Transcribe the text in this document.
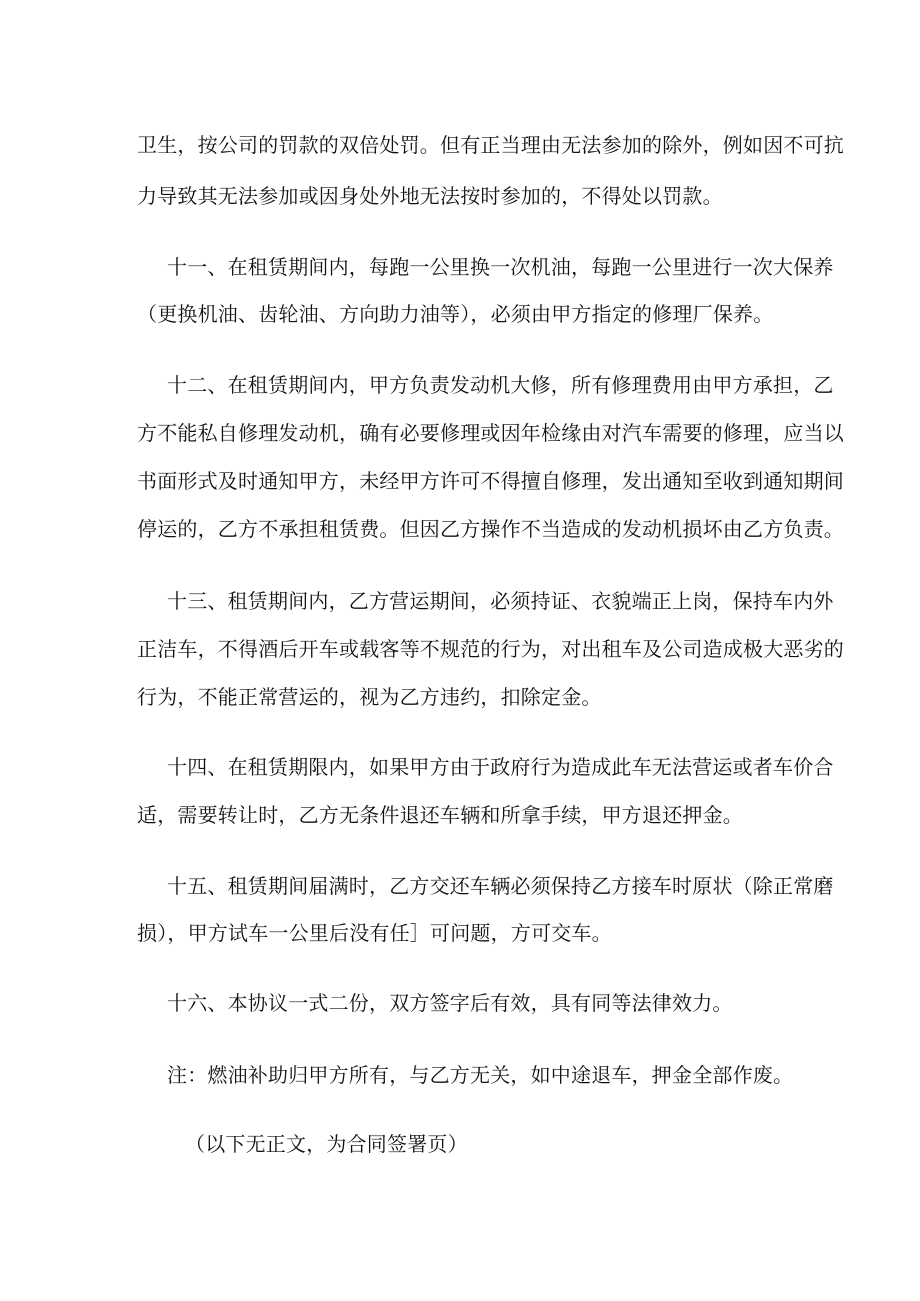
卫生，按公司的罚款的双倍处罚。但有正当理由无法参加的除外，例如因不可抗
力导致其无法参加或因身处外地无法按时参加的，不得处以罚款。
十一、在租赁期间内，每跑一公里换一次机油，每跑一公里进行一次大保养
（更换机油、齿轮油、方向助力油等），必须由甲方指定的修理厂保养。
十二、在租赁期间内，甲方负责发动机大修，所有修理费用由甲方承担，乙
方不能私自修理发动机，确有必要修理或因年检缘由对汽车需要的修理，应当以
书面形式及时通知甲方，未经甲方许可不得擅自修理，发出通知至收到通知期间
停运的，乙方不承担租赁费。但因乙方操作不当造成的发动机损坏由乙方负责。
十三、租赁期间内，乙方营运期间，必须持证、衣貌端正上岗，保持车内外
正洁车，不得酒后开车或载客等不规范的行为，对出租车及公司造成极大恶劣的
行为，不能正常营运的，视为乙方违约，扣除定金。
十四、在租赁期限内，如果甲方由于政府行为造成此车无法营运或者车价合
适，需要转让时，乙方无条件退还车辆和所拿手续，甲方退还押金。
十五、租赁期间届满时，乙方交还车辆必须保持乙方接车时原状（除正常磨
损），甲方试车一公里后没有任］可问题，方可交车。
十六、本协议一式二份，双方签字后有效，具有同等法律效力。
注：燃油补助归甲方所有，与乙方无关，如中途退车，押金全部作废。
（以下无正文，为合同签署页）
